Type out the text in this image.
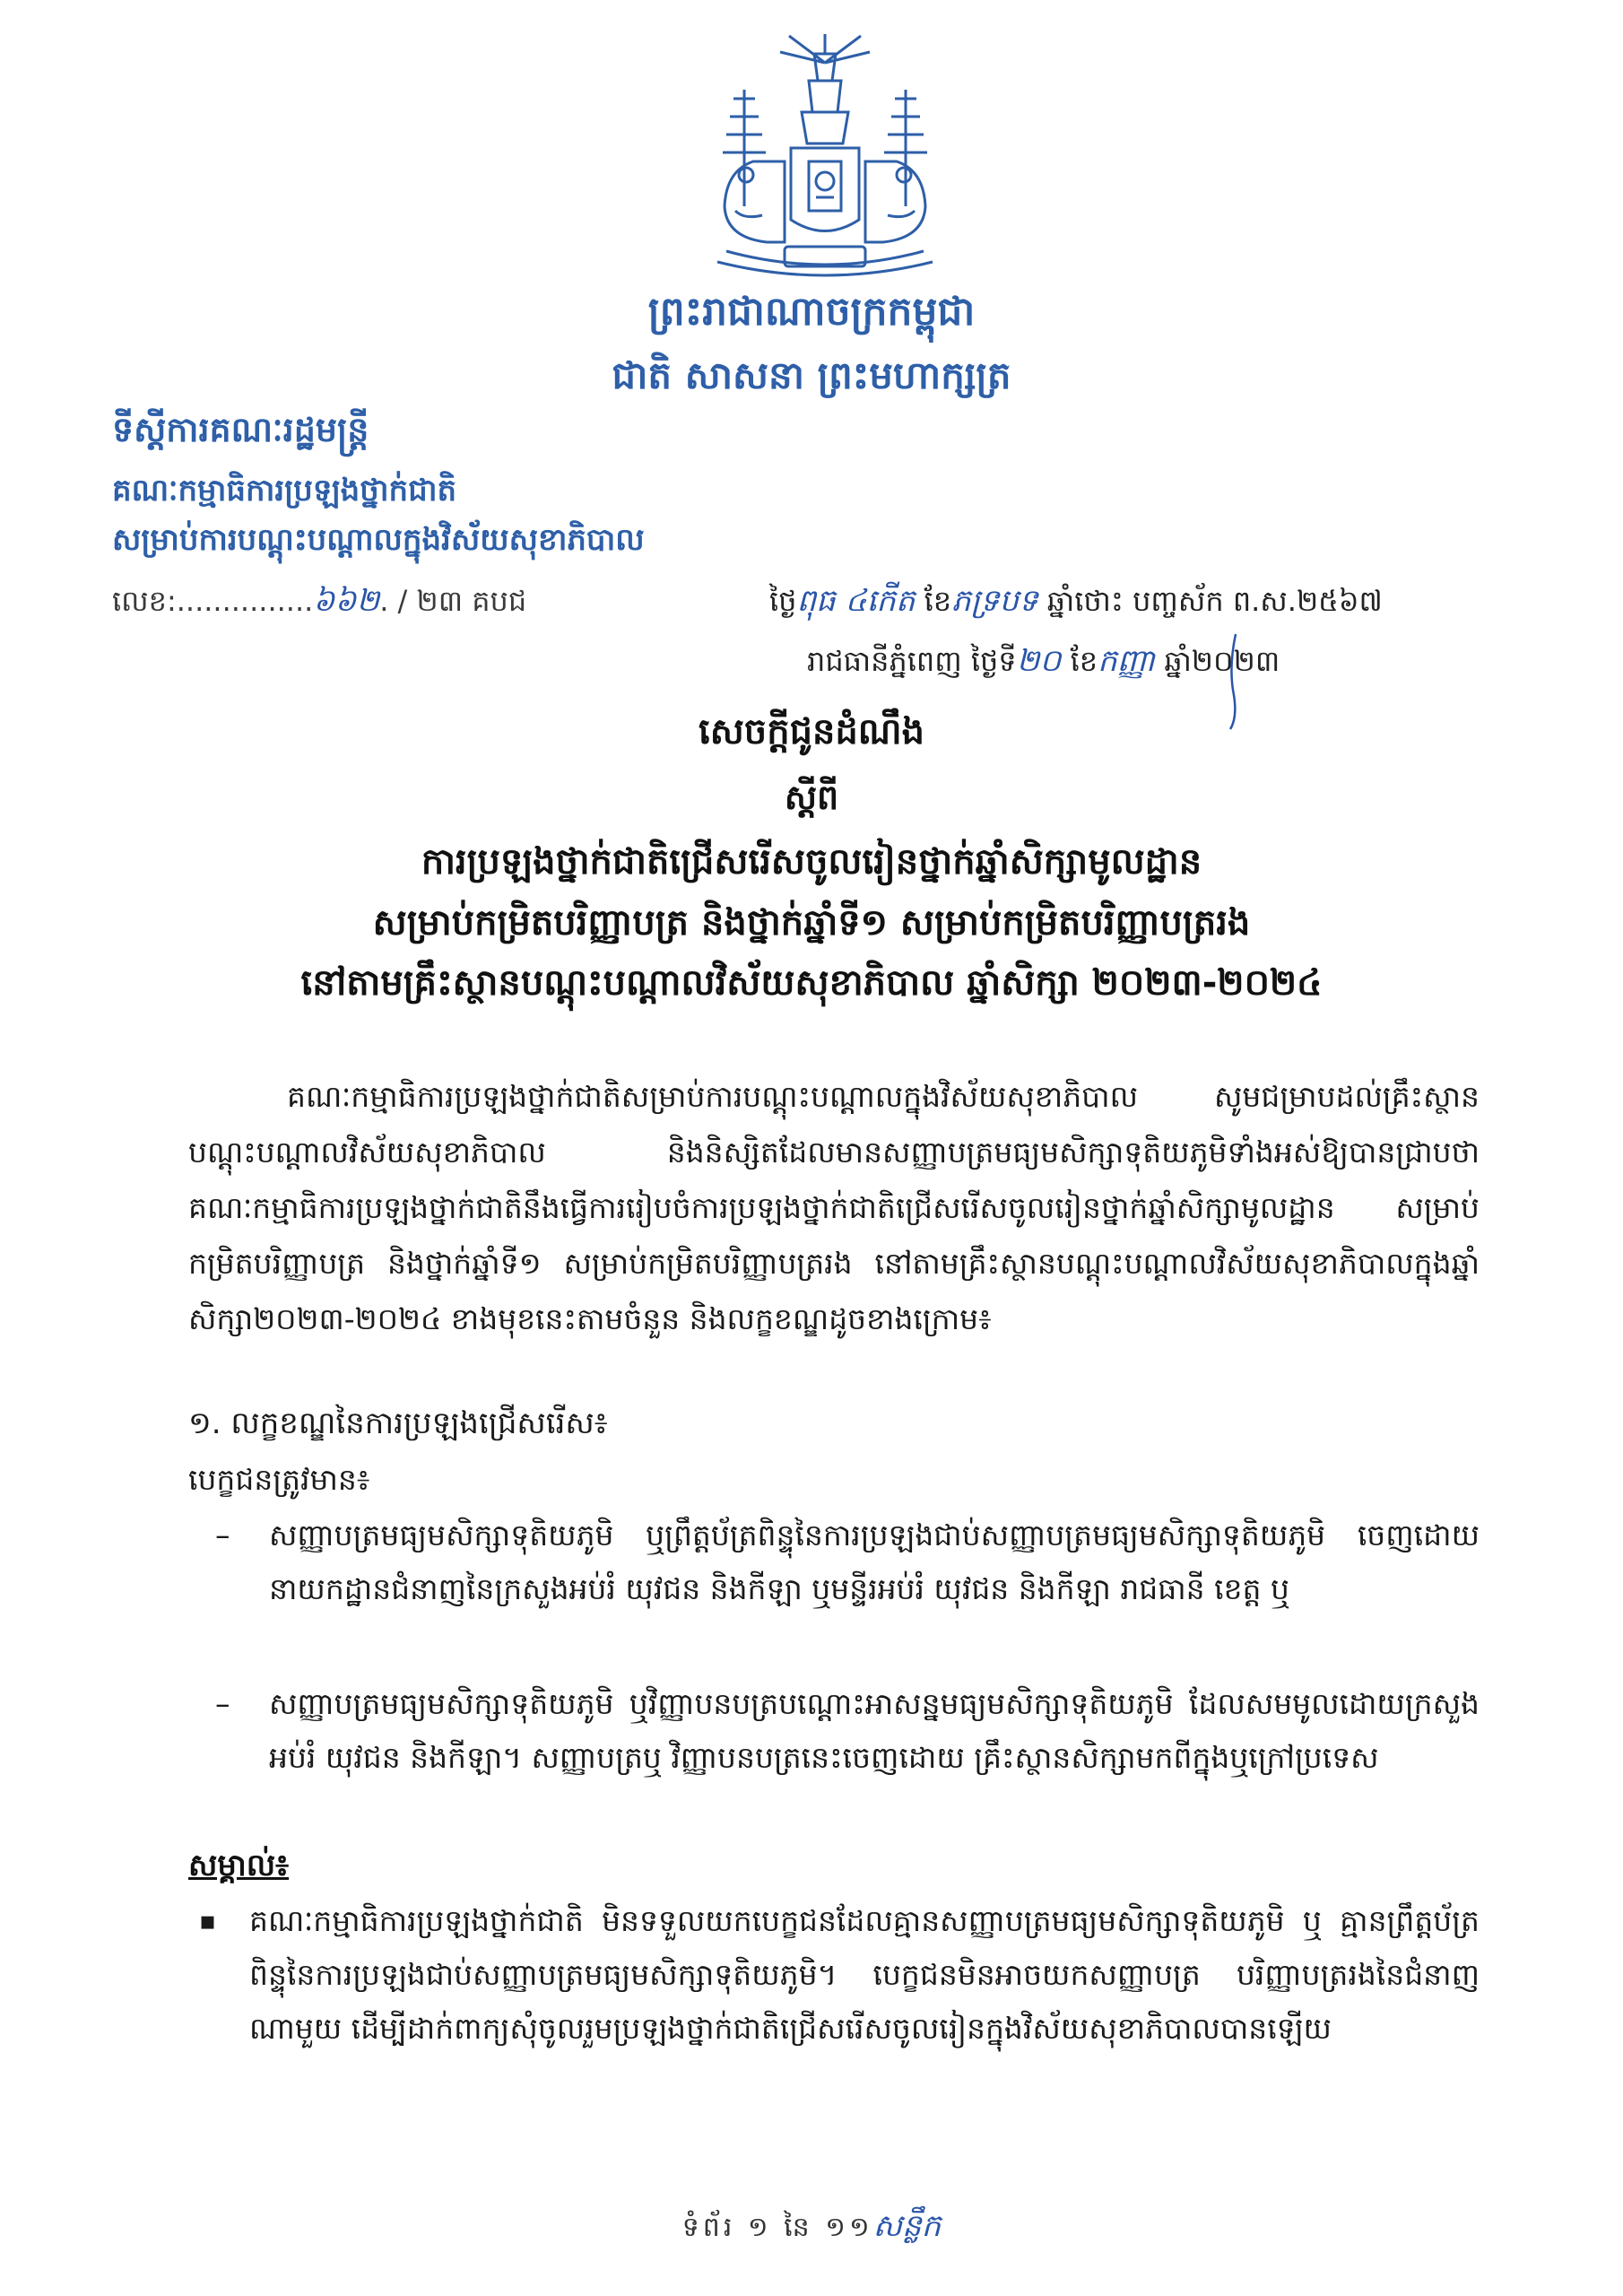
ព្រះរាជាណាចក្រកម្ពុជា
ជាតិ សាសនា ព្រះមហាក្សត្រ
ទីស្តីការគណៈរដ្ឋមន្ត្រី
គណៈកម្មាធិការប្រឡងថ្នាក់ជាតិ
សម្រាប់ការបណ្តុះបណ្តាលក្នុងវិស័យសុខាភិបាល
លេខ:...............៦៦២. / ២៣ គបជ	ថ្ងៃពុធ ៤កើត ខែភទ្របទ ឆ្នាំថោះ បញ្ចស័ក ព.ស.២៥៦៧
រាជធានីភ្នំពេញ ថ្ងៃទី២០ ខែកញ្ញា ឆ្នាំ២០២៣
សេចក្តីជូនដំណឹង
ស្តីពី
ការប្រឡងថ្នាក់ជាតិជ្រើសរើសចូលរៀនថ្នាក់ឆ្នាំសិក្សាមូលដ្ឋាន
សម្រាប់កម្រិតបរិញ្ញាបត្រ និងថ្នាក់ឆ្នាំទី១ សម្រាប់កម្រិតបរិញ្ញាបត្ររង
នៅតាមគ្រឹះស្ថានបណ្តុះបណ្តាលវិស័យសុខាភិបាល ឆ្នាំសិក្សា ២០២៣-២០២៤
គណៈកម្មាធិការប្រឡងថ្នាក់ជាតិសម្រាប់ការបណ្តុះបណ្តាលក្នុងវិស័យសុខាភិបាល សូមជម្រាបដល់គ្រឹះស្ថានបណ្តុះបណ្តាលវិស័យសុខាភិបាល និងនិស្សិតដែលមានសញ្ញាបត្រមធ្យមសិក្សាទុតិយភូមិទាំងអស់ឱ្យបានជ្រាបថា គណៈកម្មាធិការប្រឡងថ្នាក់ជាតិនឹងធ្វើការរៀបចំការប្រឡងថ្នាក់ជាតិជ្រើសរើសចូលរៀនថ្នាក់ឆ្នាំសិក្សាមូលដ្ឋាន សម្រាប់កម្រិតបរិញ្ញាបត្រ និងថ្នាក់ឆ្នាំទី១ សម្រាប់កម្រិតបរិញ្ញាបត្ររង នៅតាមគ្រឹះស្ថានបណ្តុះបណ្តាលវិស័យសុខាភិបាលក្នុងឆ្នាំសិក្សា២០២៣-២០២៤ ខាងមុខនេះតាមចំនួន និងលក្ខខណ្ឌដូចខាងក្រោម៖
១. លក្ខខណ្ឌនៃការប្រឡងជ្រើសរើស៖
បេក្ខជនត្រូវមាន៖
– សញ្ញាបត្រមធ្យមសិក្សាទុតិយភូមិ ឬព្រឹត្តប័ត្រពិន្ទុនៃការប្រឡងជាប់សញ្ញាបត្រមធ្យមសិក្សាទុតិយភូមិ ចេញដោយ នាយកដ្ឋានជំនាញនៃក្រសួងអប់រំ យុវជន និងកីឡា ឬមន្ទីរអប់រំ យុវជន និងកីឡា រាជធានី ខេត្ត ឬ
– សញ្ញាបត្រមធ្យមសិក្សាទុតិយភូមិ ឬវិញ្ញាបនបត្របណ្តោះអាសន្នមធ្យមសិក្សាទុតិយភូមិ ដែលសមមូលដោយក្រសួង អប់រំ យុវជន និងកីឡា។ សញ្ញាបត្រឬ វិញ្ញាបនបត្រនេះចេញដោយ គ្រឹះស្ថានសិក្សាមកពីក្នុងឬក្រៅប្រទេស
សម្គាល់៖
▪ គណៈកម្មាធិការប្រឡងថ្នាក់ជាតិ មិនទទួលយកបេក្ខជនដែលគ្មានសញ្ញាបត្រមធ្យមសិក្សាទុតិយភូមិ ឬ គ្មានព្រឹត្តប័ត្រពិន្ទុនៃការប្រឡងជាប់សញ្ញាបត្រមធ្យមសិក្សាទុតិយភូមិ។ បេក្ខជនមិនអាចយកសញ្ញាបត្រ បរិញ្ញាបត្ររងនៃជំនាញណាមួយ ដើម្បីដាក់ពាក្យសុំចូលរួមប្រឡងថ្នាក់ជាតិជ្រើសរើសចូលរៀនក្នុងវិស័យសុខាភិបាលបានឡើយ
ទំព័រ ១ នៃ ១១សន្លឹក
